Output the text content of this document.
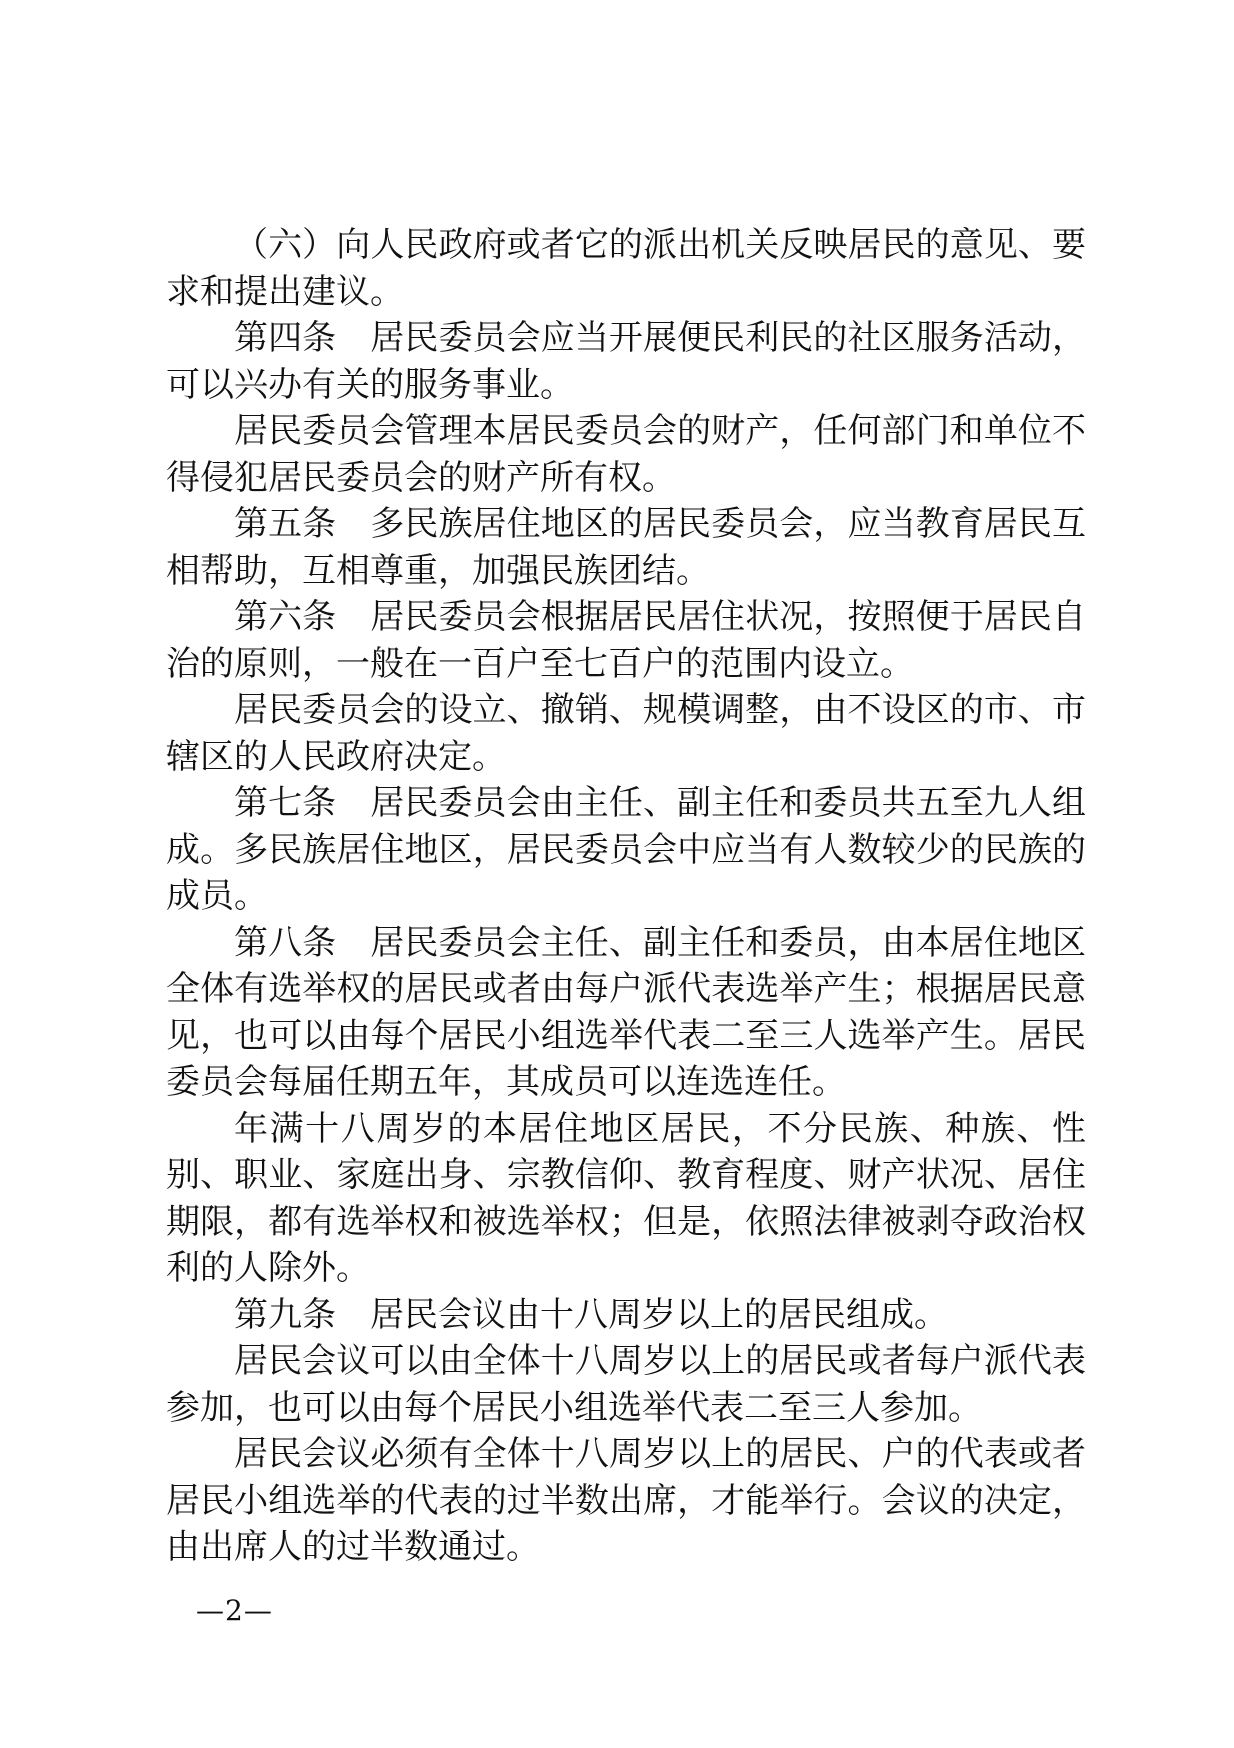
（六）向人民政府或者它的派出机关反映居民的意见、要求和提出建议。

第四条 居民委员会应当开展便民利民的社区服务活动，可以兴办有关的服务事业。

居民委员会管理本居民委员会的财产，任何部门和单位不得侵犯居民委员会的财产所有权。

第五条 多民族居住地区的居民委员会，应当教育居民互相帮助，互相尊重，加强民族团结。

第六条 居民委员会根据居民居住状况，按照便于居民自治的原则，一般在一百户至七百户的范围内设立。

居民委员会的设立、撤销、规模调整，由不设区的市、市辖区的人民政府决定。

第七条 居民委员会由主任、副主任和委员共五至九人组成。多民族居住地区，居民委员会中应当有人数较少的民族的成员。

第八条 居民委员会主任、副主任和委员，由本居住地区全体有选举权的居民或者由每户派代表选举产生；根据居民意见，也可以由每个居民小组选举代表二至三人选举产生。居民委员会每届任期五年，其成员可以连选连任。

年满十八周岁的本居住地区居民，不分民族、种族、性别、职业、家庭出身、宗教信仰、教育程度、财产状况、居住期限，都有选举权和被选举权；但是，依照法律被剥夺政治权利的人除外。

第九条 居民会议由十八周岁以上的居民组成。

居民会议可以由全体十八周岁以上的居民或者每户派代表参加，也可以由每个居民小组选举代表二至三人参加。

居民会议必须有全体十八周岁以上的居民、户的代表或者居民小组选举的代表的过半数出席，才能举行。会议的决定，由出席人的过半数通过。

—2—
